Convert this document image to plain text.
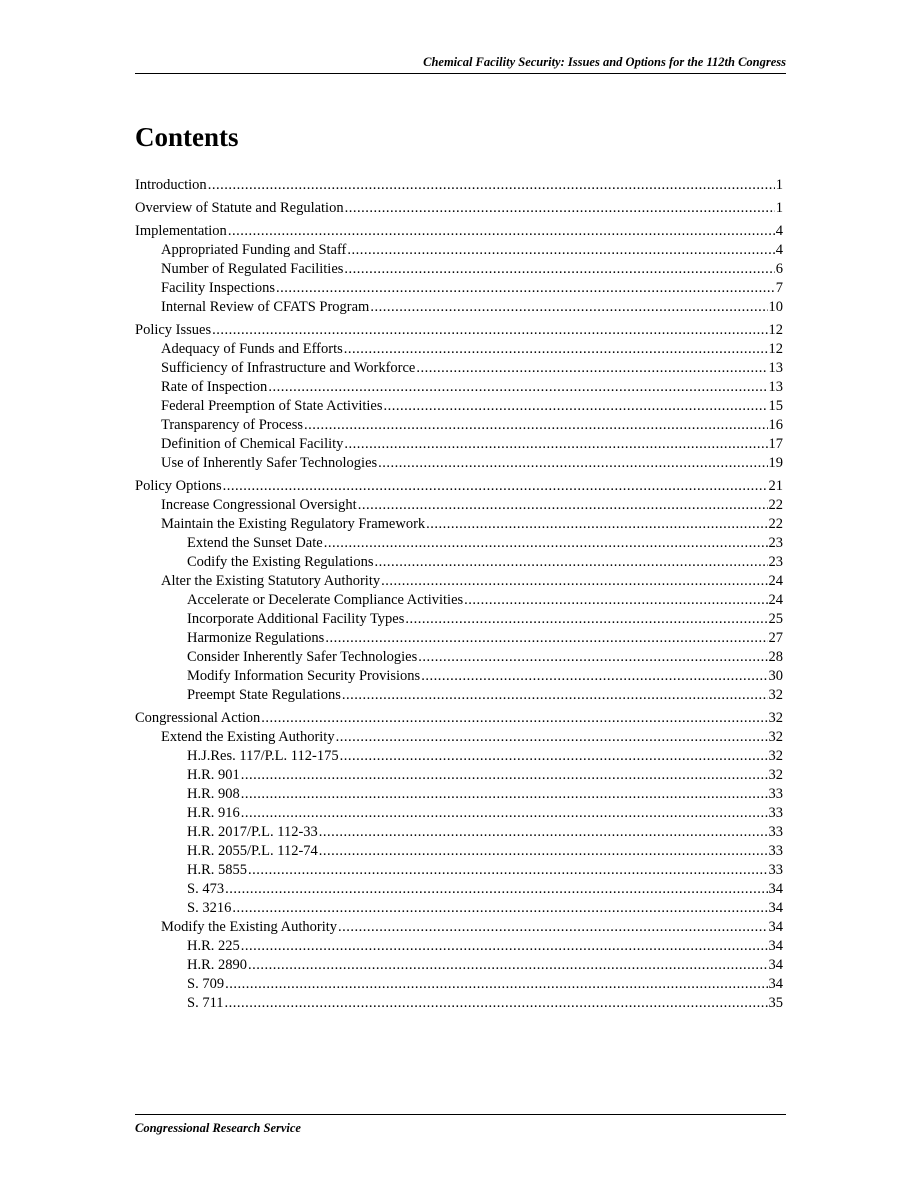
Chemical Facility Security: Issues and Options for the 112th Congress
Contents
Introduction .....	1
Overview of Statute and Regulation .....	1
Implementation .....	4
Appropriated Funding and Staff .....	4
Number of Regulated Facilities .....	6
Facility Inspections .....	7
Internal Review of CFATS Program .....	10
Policy Issues .....	12
Adequacy of Funds and Efforts .....	12
Sufficiency of Infrastructure and Workforce .....	13
Rate of Inspection .....	13
Federal Preemption of State Activities .....	15
Transparency of Process .....	16
Definition of Chemical Facility .....	17
Use of Inherently Safer Technologies .....	19
Policy Options .....	21
Increase Congressional Oversight .....	22
Maintain the Existing Regulatory Framework .....	22
Extend the Sunset Date .....	23
Codify the Existing Regulations .....	23
Alter the Existing Statutory Authority .....	24
Accelerate or Decelerate Compliance Activities .....	24
Incorporate Additional Facility Types .....	25
Harmonize Regulations .....	27
Consider Inherently Safer Technologies .....	28
Modify Information Security Provisions .....	30
Preempt State Regulations .....	32
Congressional Action .....	32
Extend the Existing Authority .....	32
H.J.Res. 117/P.L. 112-175 .....	32
H.R. 901 .....	32
H.R. 908 .....	33
H.R. 916 .....	33
H.R. 2017/P.L. 112-33 .....	33
H.R. 2055/P.L. 112-74 .....	33
H.R. 5855 .....	33
S. 473 .....	34
S. 3216 .....	34
Modify the Existing Authority .....	34
H.R. 225 .....	34
H.R. 2890 .....	34
S. 709 .....	34
S. 711 .....	35
Congressional Research Service
